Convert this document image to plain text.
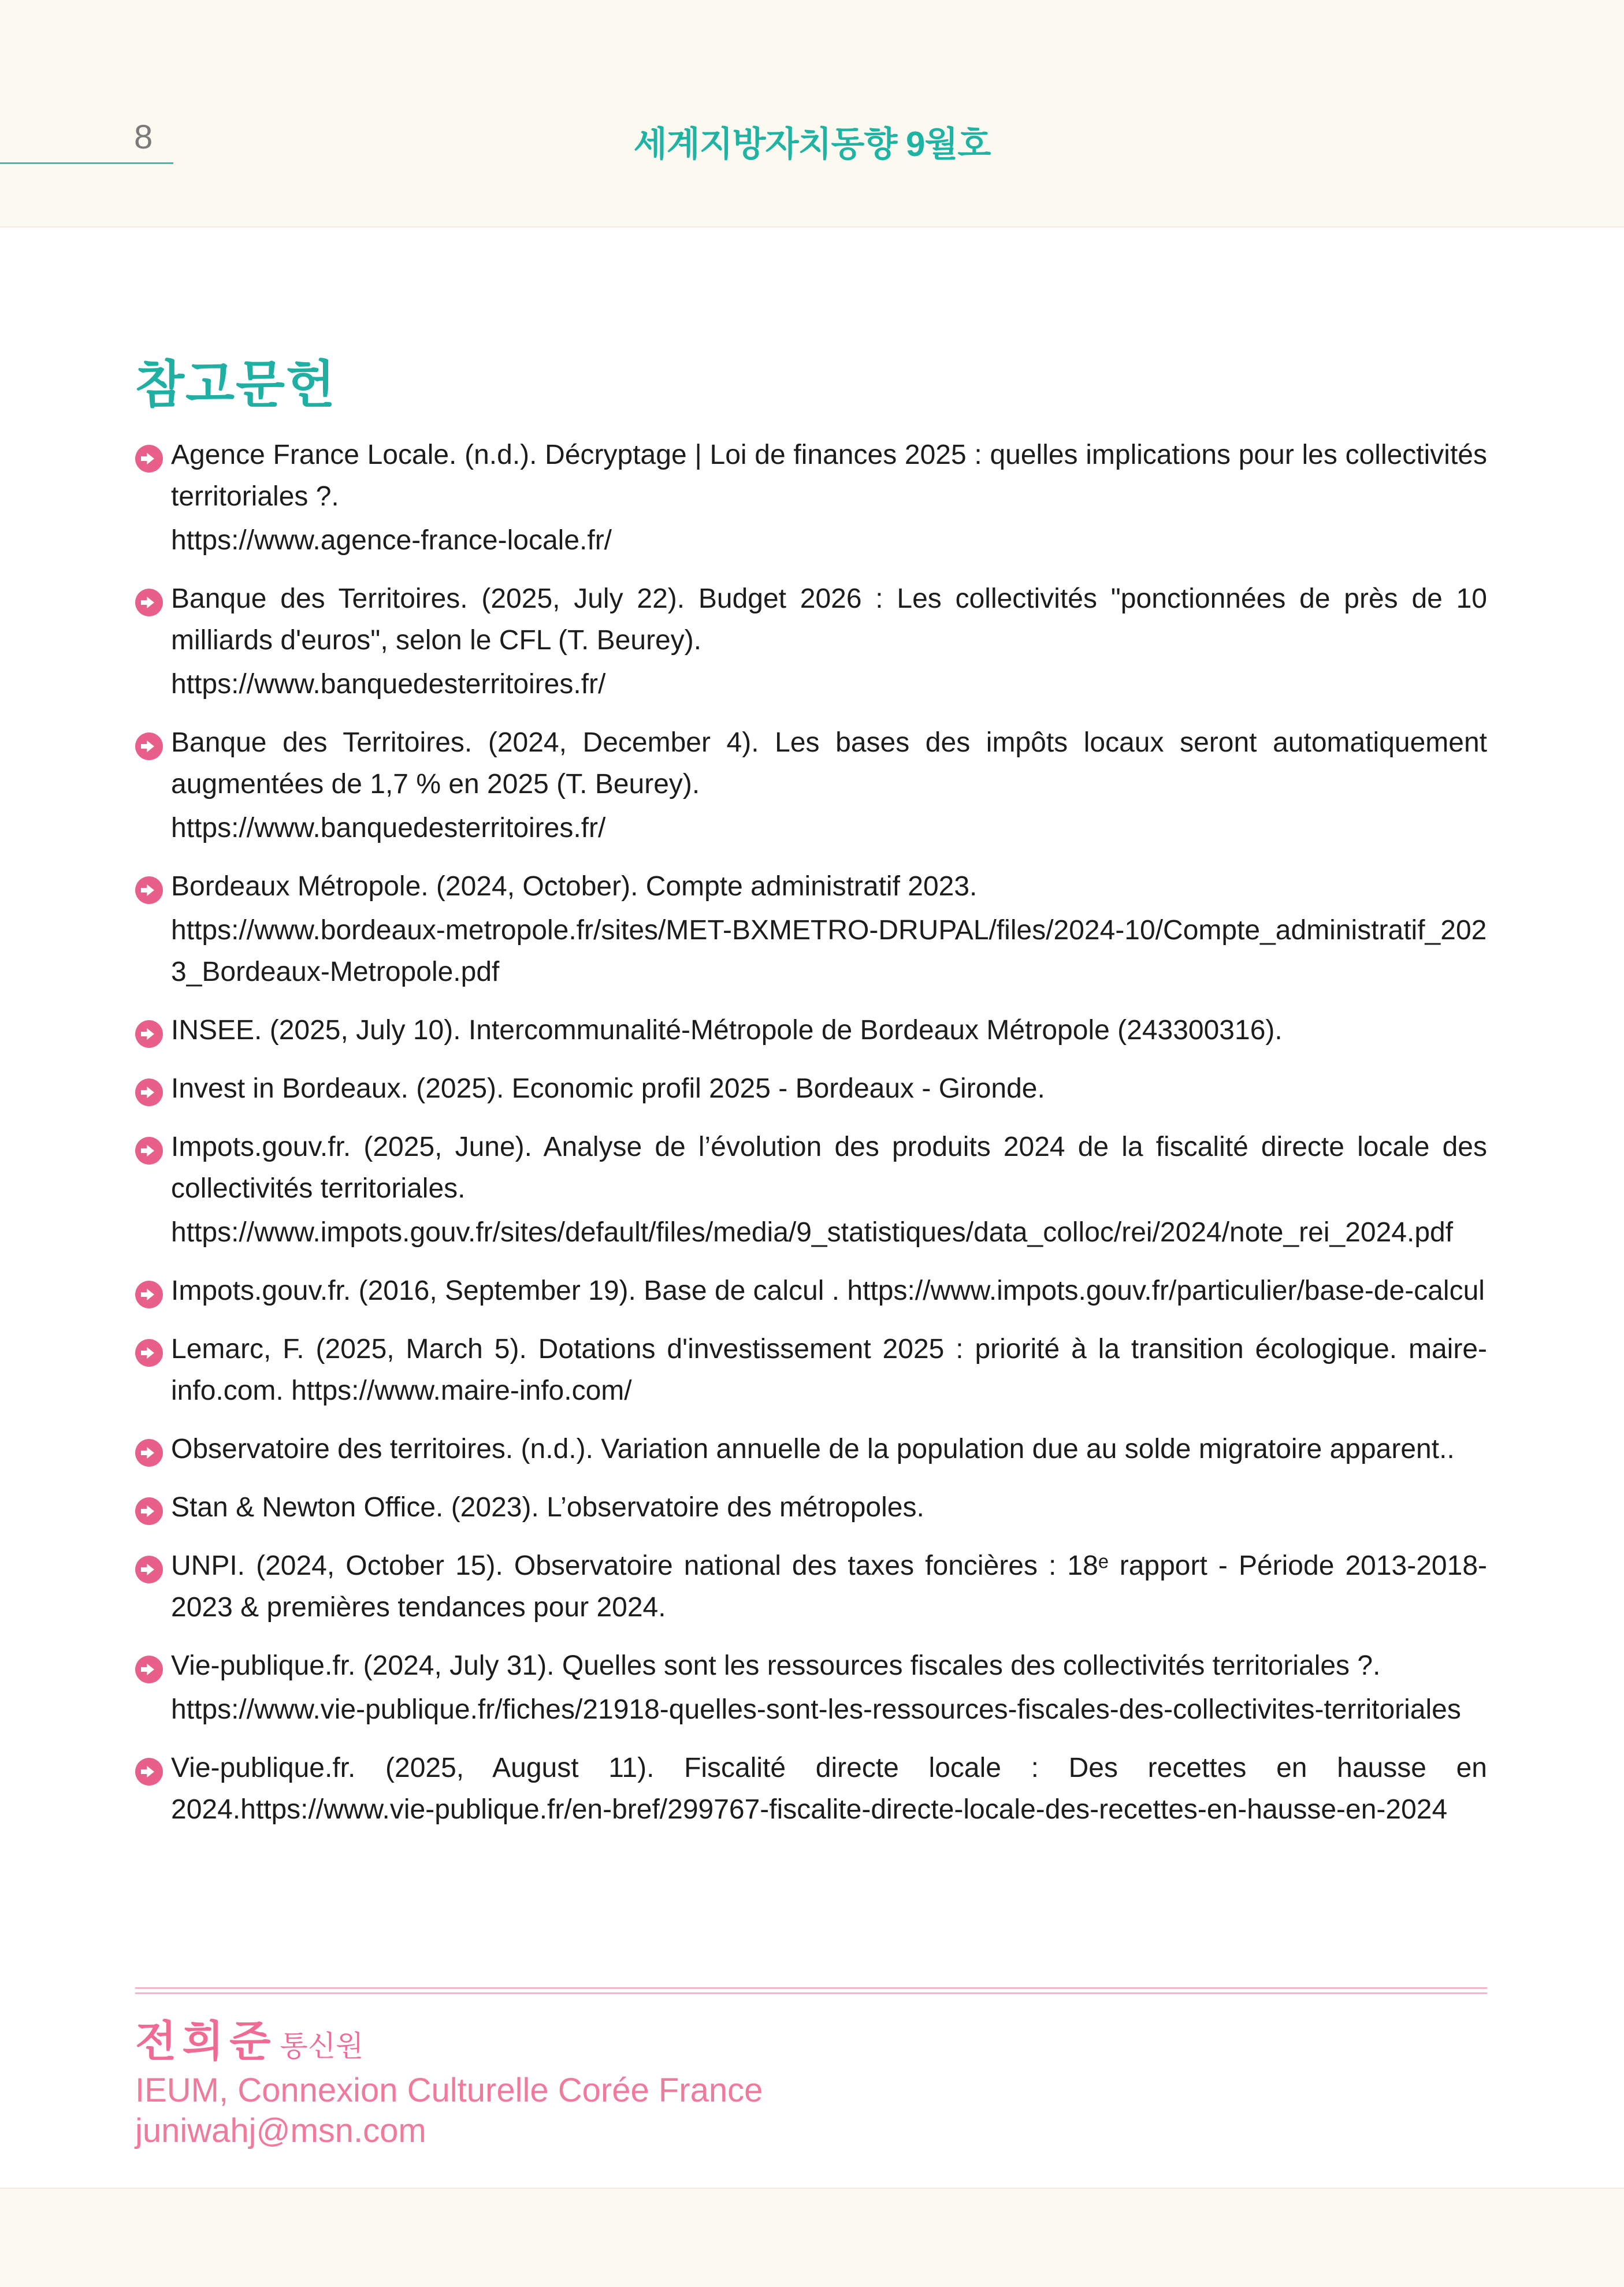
8	세계지방자치동향 9월호
참고문헌
Agence France Locale. (n.d.). Décryptage | Loi de finances 2025 : quelles implications pour les collectivités territoriales ?.
https://www.agence-france-locale.fr/
Banque des Territoires. (2025, July 22). Budget 2026 : Les collectivités "ponctionnées de près de 10 milliards d'euros", selon le CFL (T. Beurey).
https://www.banquedesterritoires.fr/
Banque des Territoires. (2024, December 4). Les bases des impôts locaux seront automatiquement augmentées de 1,7 % en 2025 (T. Beurey).
https://www.banquedesterritoires.fr/
Bordeaux Métropole. (2024, October). Compte administratif 2023.
https://www.bordeaux-metropole.fr/sites/MET-BXMETRO-DRUPAL/files/2024-10/Compte_administratif_2023_Bordeaux-Metropole.pdf
INSEE. (2025, July 10). Intercommunalité-Métropole de Bordeaux Métropole (243300316).
Invest in Bordeaux. (2025). Economic profil 2025 - Bordeaux - Gironde.
Impots.gouv.fr. (2025, June). Analyse de l’évolution des produits 2024 de la fiscalité directe locale des collectivités territoriales.
https://www.impots.gouv.fr/sites/default/files/media/9_statistiques/data_colloc/rei/2024/note_rei_2024.pdf
Impots.gouv.fr. (2016, September 19). Base de calcul . https://www.impots.gouv.fr/particulier/base-de-calcul
Lemarc, F. (2025, March 5). Dotations d'investissement 2025 : priorité à la transition écologique. maire-info.com. https://www.maire-info.com/
Observatoire des territoires. (n.d.). Variation annuelle de la population due au solde migratoire apparent..
Stan & Newton Office. (2023). L’observatoire des métropoles.
UNPI. (2024, October 15). Observatoire national des taxes foncières : 18ᵉ rapport - Période 2013-2018-2023 & premières tendances pour 2024.
Vie-publique.fr. (2024, July 31). Quelles sont les ressources fiscales des collectivités territoriales ?.
https://www.vie-publique.fr/fiches/21918-quelles-sont-les-ressources-fiscales-des-collectivites-territoriales
Vie-publique.fr. (2025, August 11). Fiscalité directe locale : Des recettes en hausse en 2024.https://www.vie-publique.fr/en-bref/299767-fiscalite-directe-locale-des-recettes-en-hausse-en-2024
전희준 통신원
IEUM, Connexion Culturelle Corée France
juniwahj@msn.com
